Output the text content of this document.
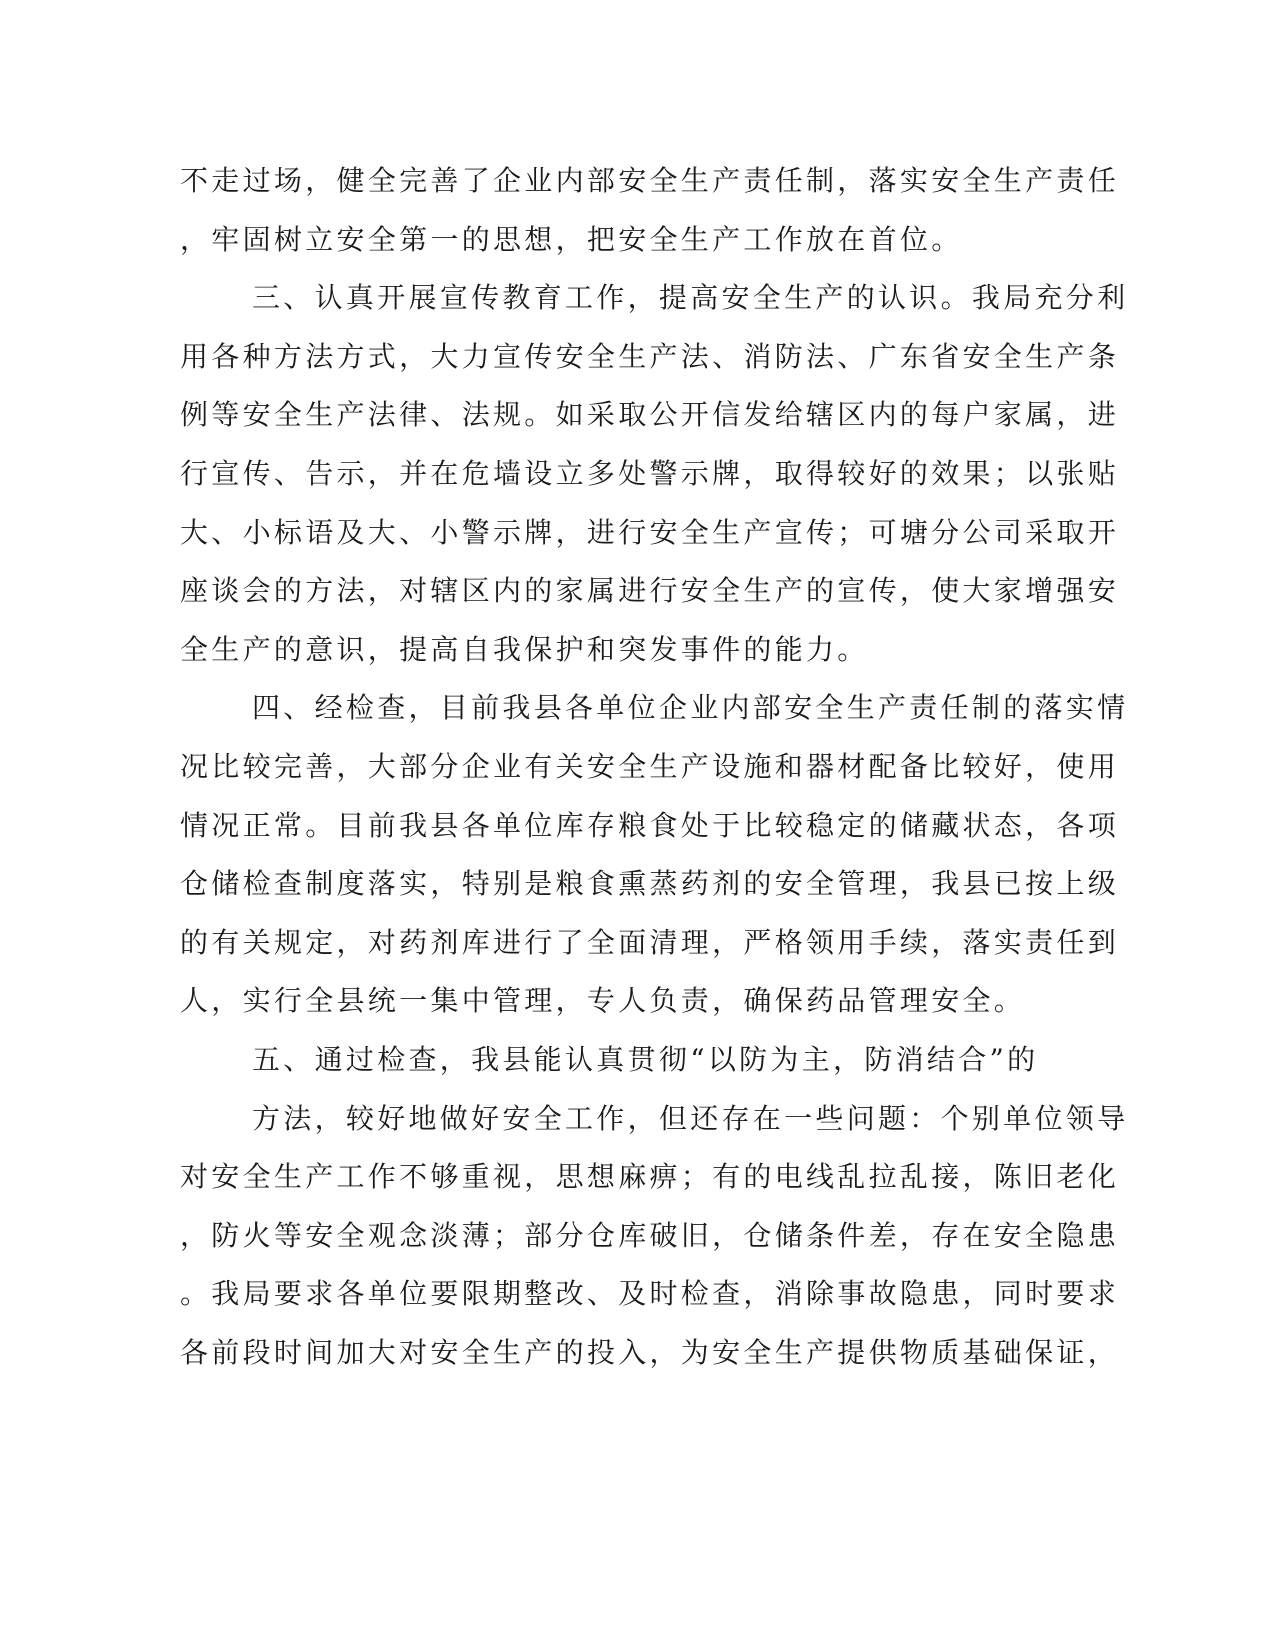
不走过场，健全完善了企业内部安全生产责任制，落实安全生产责任
，牢固树立安全第一的思想，把安全生产工作放在首位。
三、认真开展宣传教育工作，提高安全生产的认识。我局充分利
用各种方法方式，大力宣传安全生产法、消防法、广东省安全生产条
例等安全生产法律、法规。如采取公开信发给辖区内的每户家属，进
行宣传、告示，并在危墙设立多处警示牌，取得较好的效果；以张贴
大、小标语及大、小警示牌，进行安全生产宣传；可塘分公司采取开
座谈会的方法，对辖区内的家属进行安全生产的宣传，使大家增强安
全生产的意识，提高自我保护和突发事件的能力。
四、经检查，目前我县各单位企业内部安全生产责任制的落实情
况比较完善，大部分企业有关安全生产设施和器材配备比较好，使用
情况正常。目前我县各单位库存粮食处于比较稳定的储藏状态，各项
仓储检查制度落实，特别是粮食熏蒸药剂的安全管理，我县已按上级
的有关规定，对药剂库进行了全面清理，严格领用手续，落实责任到
人，实行全县统一集中管理，专人负责，确保药品管理安全。
五、通过检查，我县能认真贯彻“以防为主，防消结合”的
方法，较好地做好安全工作，但还存在一些问题：个别单位领导
对安全生产工作不够重视，思想麻痹；有的电线乱拉乱接，陈旧老化
，防火等安全观念淡薄；部分仓库破旧，仓储条件差，存在安全隐患
。我局要求各单位要限期整改、及时检查，消除事故隐患，同时要求
各前段时间加大对安全生产的投入，为安全生产提供物质基础保证，
